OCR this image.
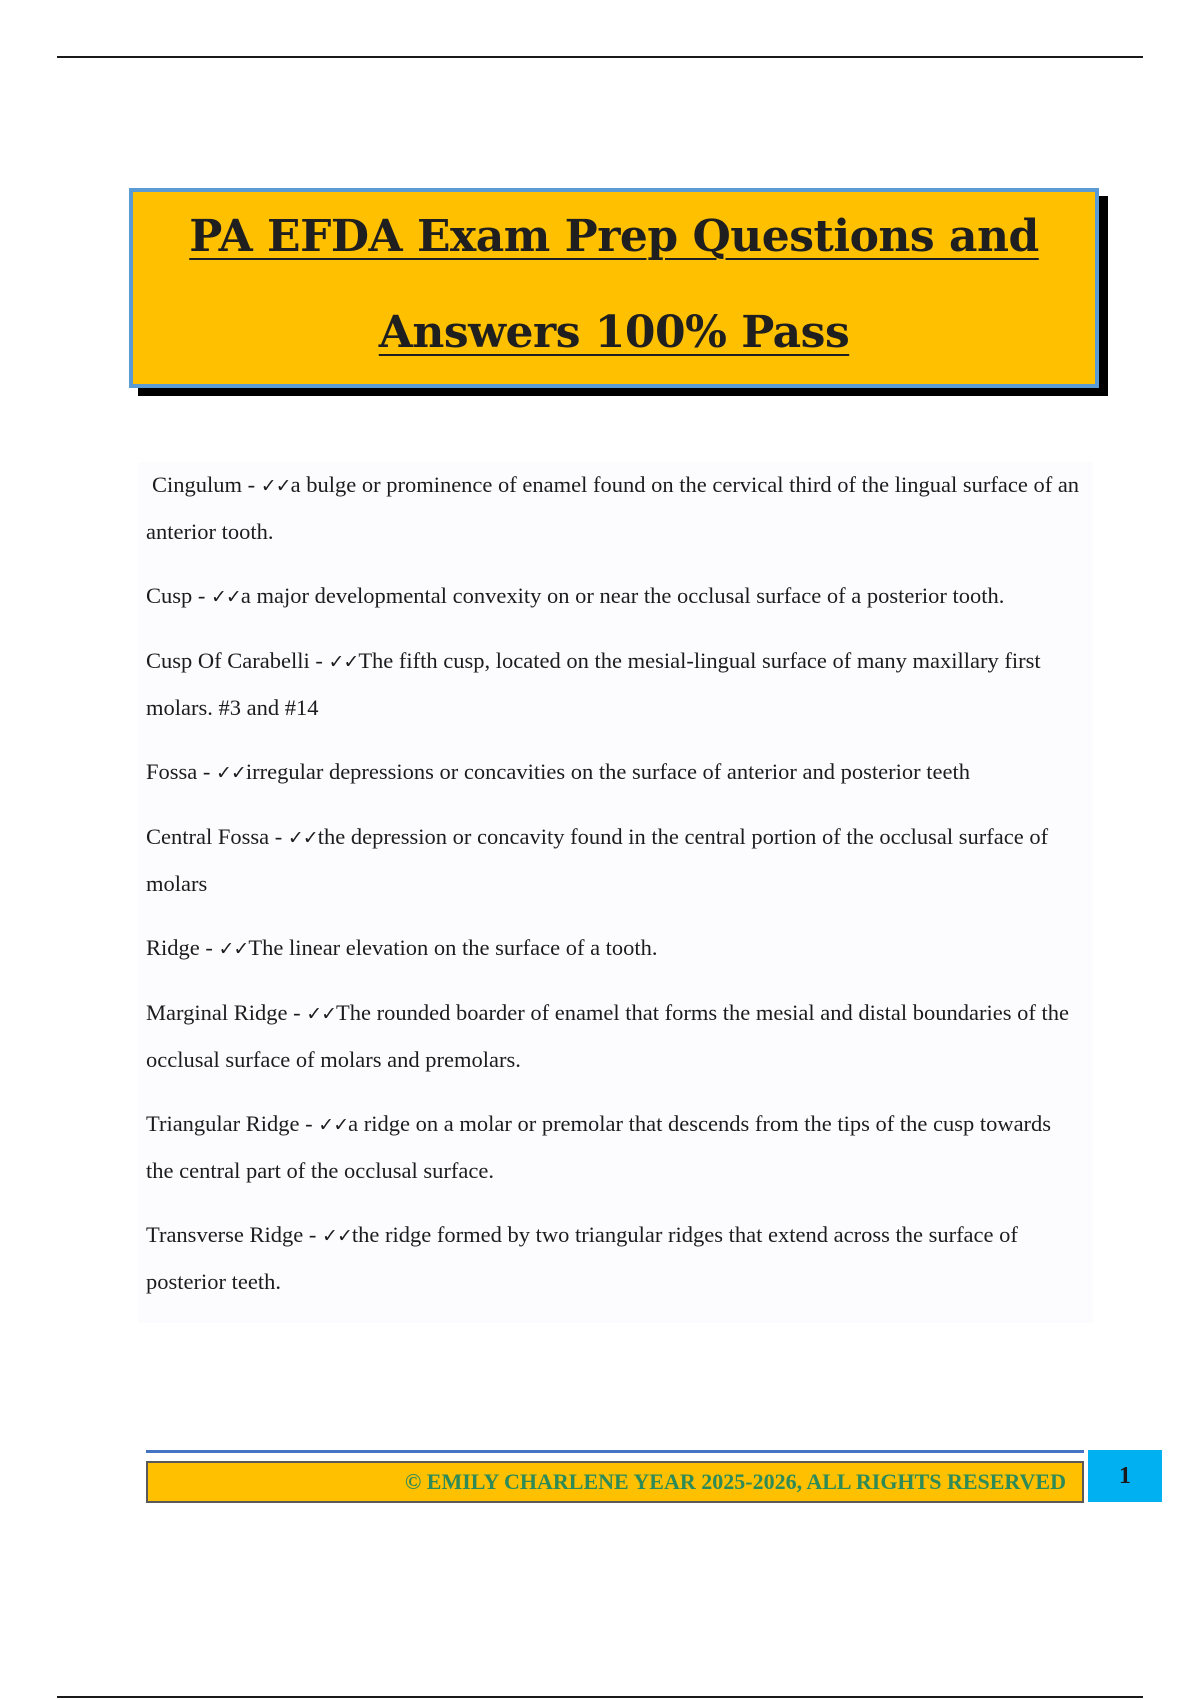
PA EFDA Exam Prep Questions and
Answers 100% Pass

Cingulum - ✓✓a bulge or prominence of enamel found on the cervical third of the lingual surface of an anterior tooth.

Cusp - ✓✓a major developmental convexity on or near the occlusal surface of a posterior tooth.

Cusp Of Carabelli - ✓✓The fifth cusp, located on the mesial-lingual surface of many maxillary first molars. #3 and #14

Fossa - ✓✓irregular depressions or concavities on the surface of anterior and posterior teeth

Central Fossa - ✓✓the depression or concavity found in the central portion of the occlusal surface of molars

Ridge - ✓✓The linear elevation on the surface of a tooth.

Marginal Ridge - ✓✓The rounded boarder of enamel that forms the mesial and distal boundaries of the occlusal surface of molars and premolars.

Triangular Ridge - ✓✓a ridge on a molar or premolar that descends from the tips of the cusp towards the central part of the occlusal surface.

Transverse Ridge - ✓✓the ridge formed by two triangular ridges that extend across the surface of posterior teeth.

© EMILY CHARLENE YEAR 2025-2026, ALL RIGHTS RESERVED 1
